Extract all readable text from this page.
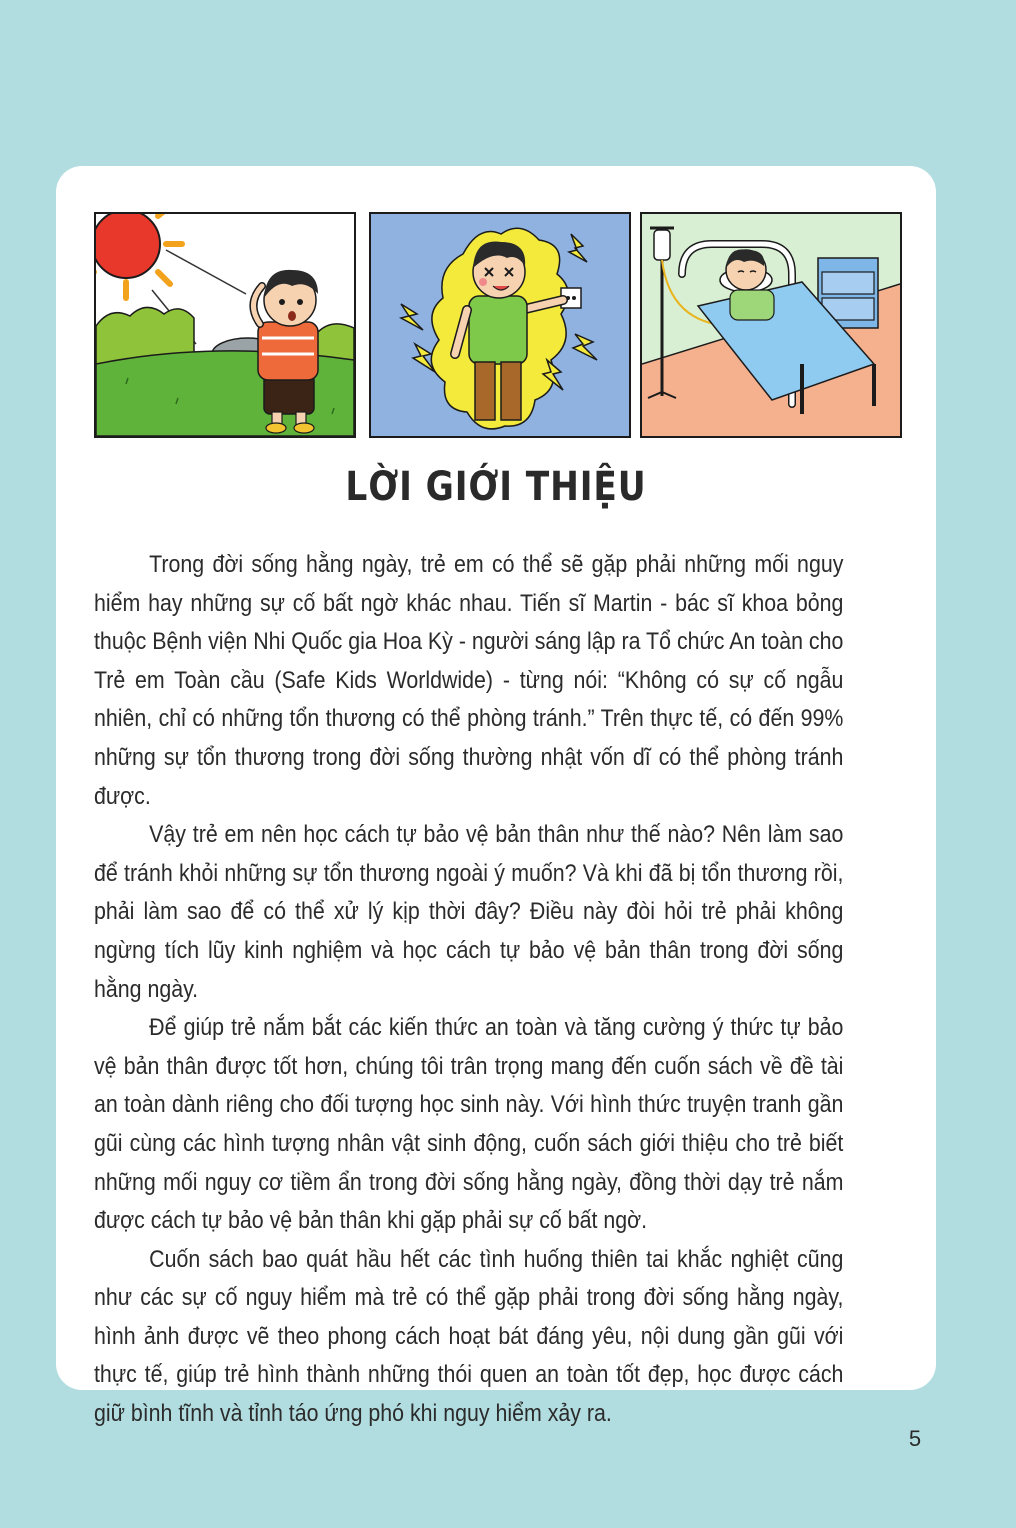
LỜI GIỚI THIỆU

Trong đời sống hằng ngày, trẻ em có thể sẽ gặp phải những mối nguy hiểm hay những sự cố bất ngờ khác nhau. Tiến sĩ Martin - bác sĩ khoa bỏng thuộc Bệnh viện Nhi Quốc gia Hoa Kỳ - người sáng lập ra Tổ chức An toàn cho Trẻ em Toàn cầu (Safe Kids Worldwide) - từng nói: “Không có sự cố ngẫu nhiên, chỉ có những tổn thương có thể phòng tránh.” Trên thực tế, có đến 99% những sự tổn thương trong đời sống thường nhật vốn dĩ có thể phòng tránh được.

Vậy trẻ em nên học cách tự bảo vệ bản thân như thế nào? Nên làm sao để tránh khỏi những sự tổn thương ngoài ý muốn? Và khi đã bị tổn thương rồi, phải làm sao để có thể xử lý kịp thời đây? Điều này đòi hỏi trẻ phải không ngừng tích lũy kinh nghiệm và học cách tự bảo vệ bản thân trong đời sống hằng ngày.

Để giúp trẻ nắm bắt các kiến thức an toàn và tăng cường ý thức tự bảo vệ bản thân được tốt hơn, chúng tôi trân trọng mang đến cuốn sách về đề tài an toàn dành riêng cho đối tượng học sinh này. Với hình thức truyện tranh gần gũi cùng các hình tượng nhân vật sinh động, cuốn sách giới thiệu cho trẻ biết những mối nguy cơ tiềm ẩn trong đời sống hằng ngày, đồng thời dạy trẻ nắm được cách tự bảo vệ bản thân khi gặp phải sự cố bất ngờ.

Cuốn sách bao quát hầu hết các tình huống thiên tai khắc nghiệt cũng như các sự cố nguy hiểm mà trẻ có thể gặp phải trong đời sống hằng ngày, hình ảnh được vẽ theo phong cách hoạt bát đáng yêu, nội dung gần gũi với thực tế, giúp trẻ hình thành những thói quen an toàn tốt đẹp, học được cách giữ bình tĩnh và tỉnh táo ứng phó khi nguy hiểm xảy ra.

5
